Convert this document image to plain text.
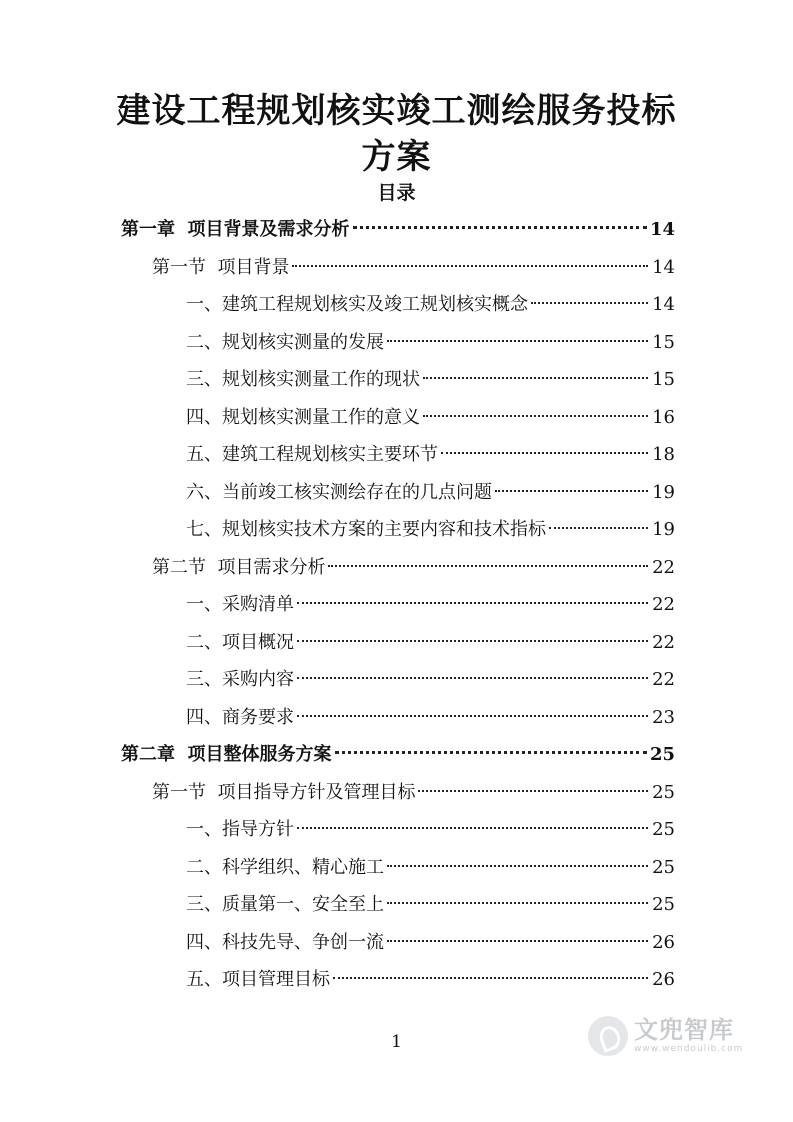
建设工程规划核实竣工测绘服务投标方案
目录
第一章  项目背景及需求分析	14
第一节  项目背景	14
一、建筑工程规划核实及竣工规划核实概念	14
二、规划核实测量的发展	15
三、规划核实测量工作的现状	15
四、规划核实测量工作的意义	16
五、建筑工程规划核实主要环节	18
六、当前竣工核实测绘存在的几点问题	19
七、规划核实技术方案的主要内容和技术指标	19
第二节  项目需求分析	22
一、采购清单	22
二、项目概况	22
三、采购内容	22
四、商务要求	23
第二章  项目整体服务方案	25
第一节  项目指导方针及管理目标	25
一、指导方针	25
二、科学组织、精心施工	25
三、质量第一、安全至上	25
四、科技先导、争创一流	26
五、项目管理目标	26
1	文兜智库
www.wendoulib.com
